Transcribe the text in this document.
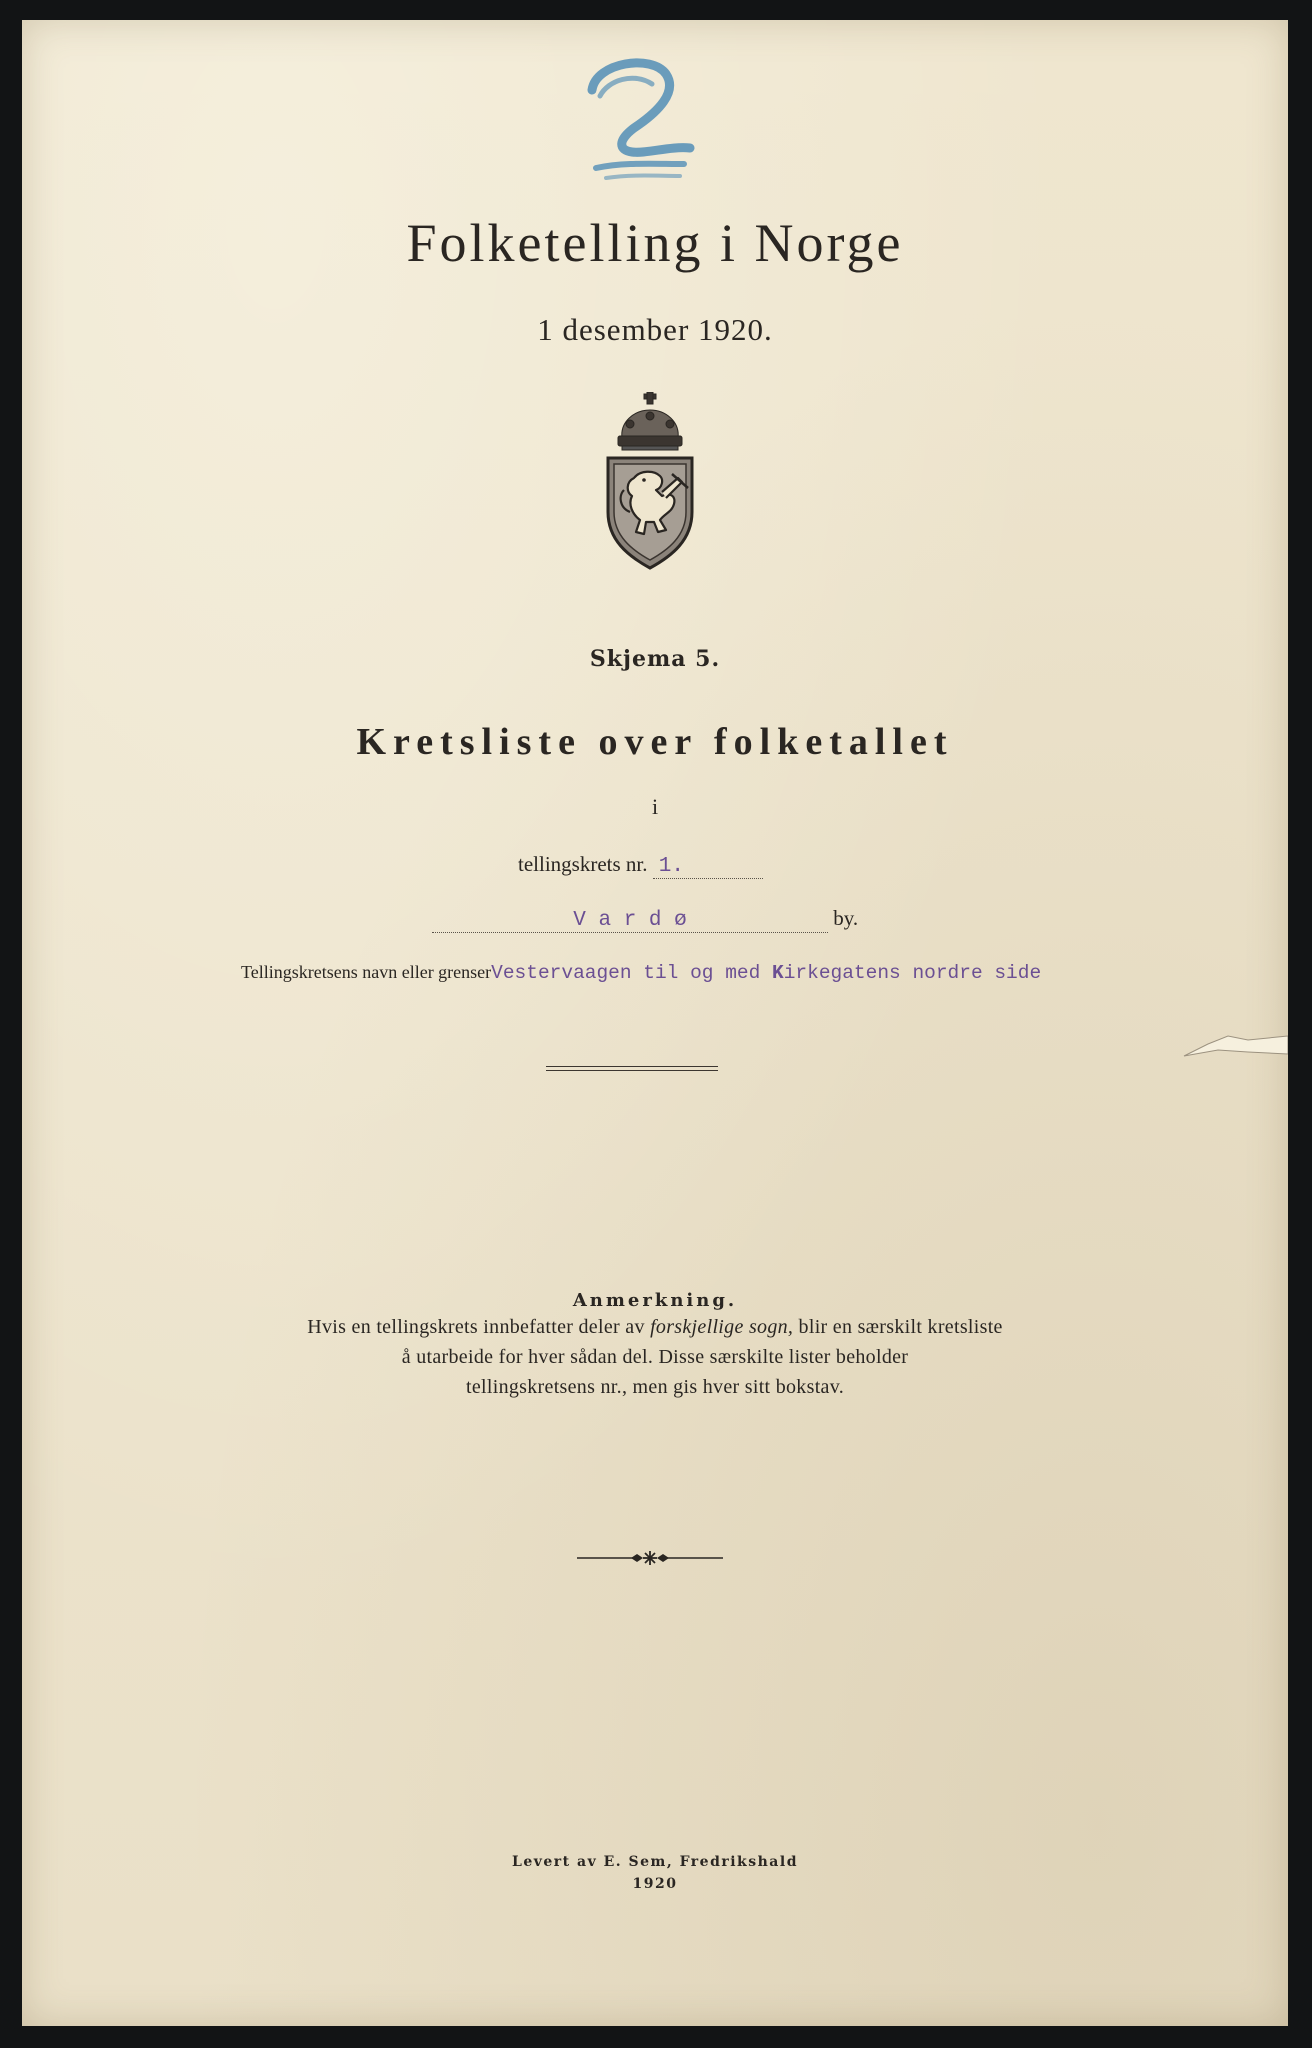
Folketelling i Norge
1 desember 1920.
Skjema 5.
Kretsliste over folketallet
i
tellingskrets nr. 1.
V a r d ø	by.
Tellingskretsens navn eller grenserVestervaagen til og med Kirkegatens nordre side
Anmerkning.
Hvis en tellingskrets innbefatter deler av forskjellige sogn, blir en særskilt kretsliste
å utarbeide for hver sådan del. Disse særskilte lister beholder
tellingskretsens nr., men gis hver sitt bokstav.
Levert av E. Sem, Fredrikshald
1920
